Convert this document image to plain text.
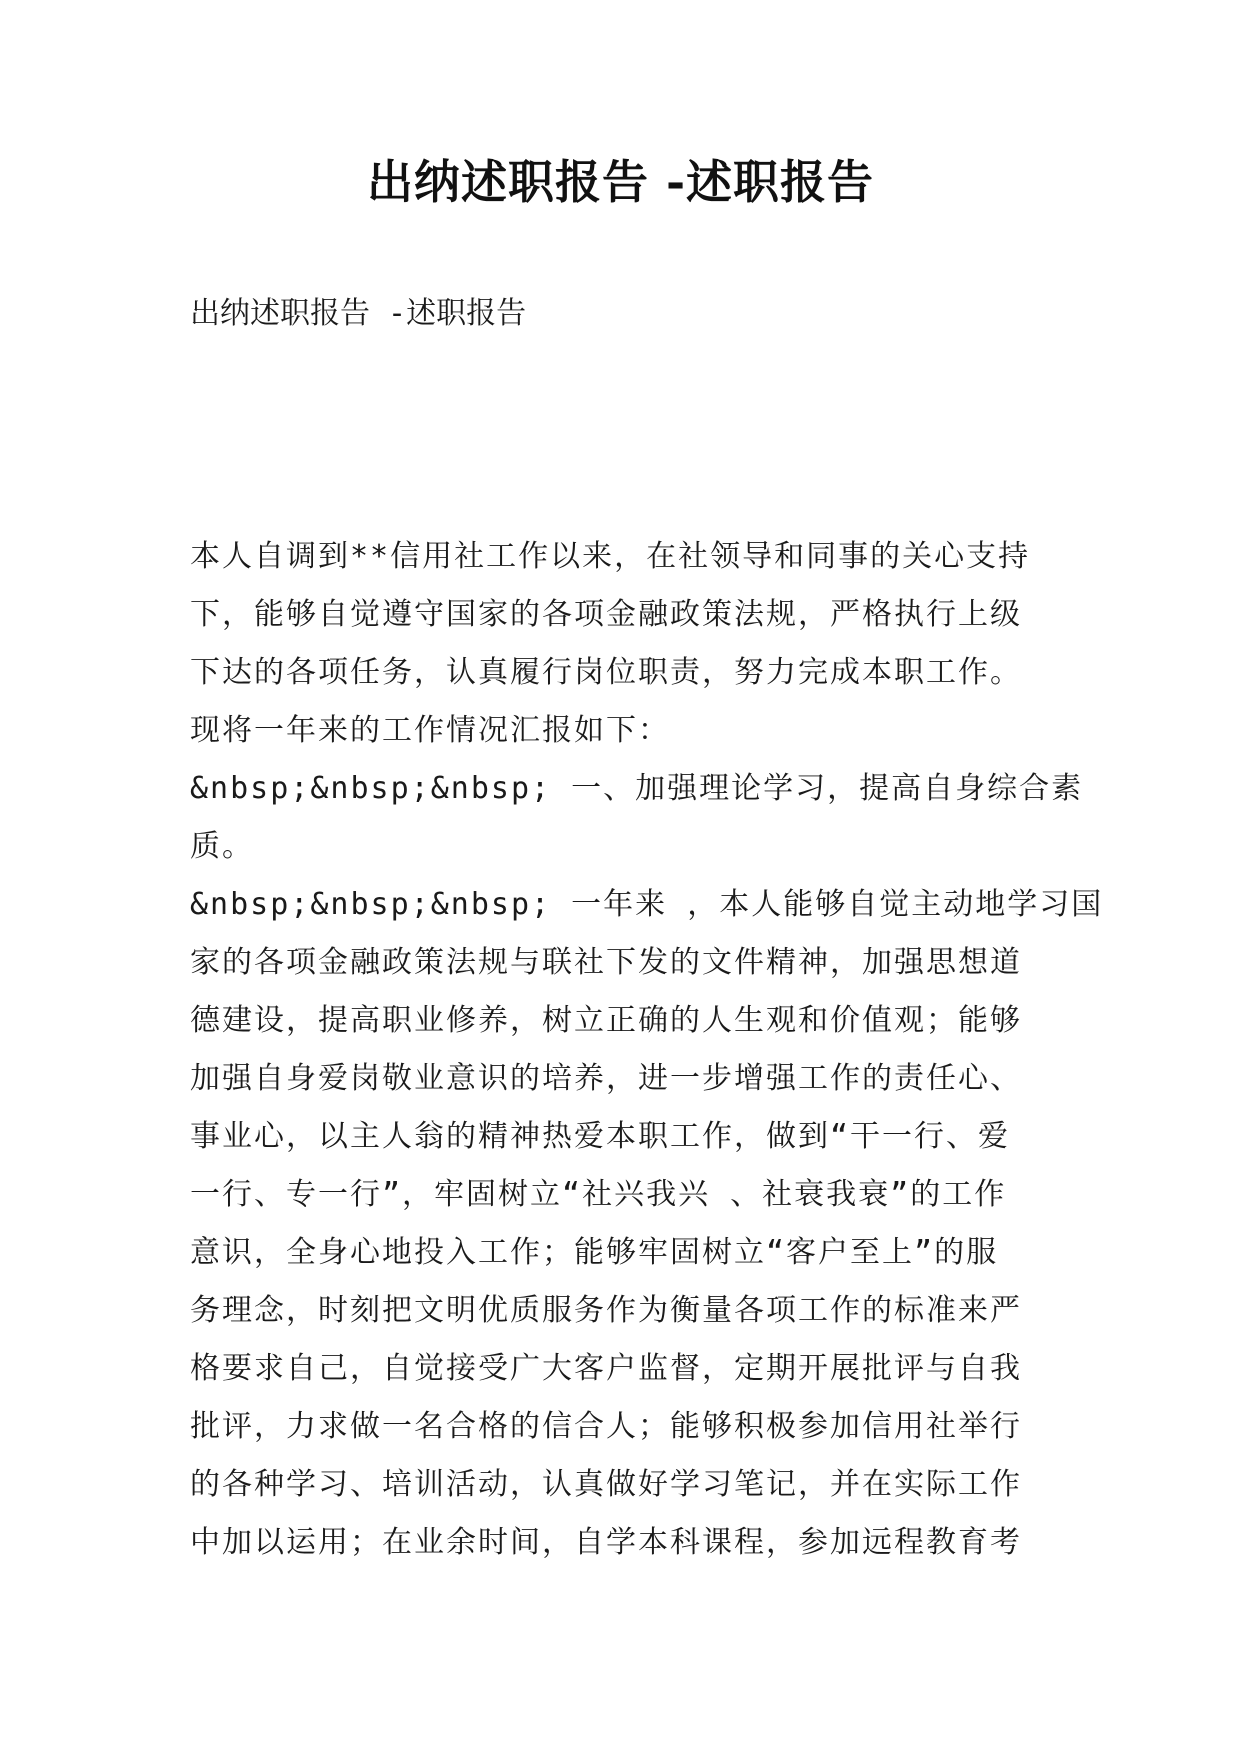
出纳述职报告 -述职报告
出纳述职报告 -述职报告
本人自调到**信用社工作以来，在社领导和同事的关心支持
下，能够自觉遵守国家的各项金融政策法规，严格执行上级
下达的各项任务，认真履行岗位职责，努力完成本职工作。
现将一年来的工作情况汇报如下：
&nbsp;&nbsp;&nbsp; 一、加强理论学习，提高自身综合素
质。
&nbsp;&nbsp;&nbsp; 一年来 ，本人能够自觉主动地学习国
家的各项金融政策法规与联社下发的文件精神，加强思想道
德建设，提高职业修养，树立正确的人生观和价值观；能够
加强自身爱岗敬业意识的培养，进一步增强工作的责任心、
事业心，以主人翁的精神热爱本职工作，做到“干一行、爱
一行、专一行”，牢固树立“社兴我兴 、社衰我衰”的工作
意识，全身心地投入工作；能够牢固树立“客户至上”的服
务理念，时刻把文明优质服务作为衡量各项工作的标准来严
格要求自己，自觉接受广大客户监督，定期开展批评与自我
批评，力求做一名合格的信合人；能够积极参加信用社举行
的各种学习、培训活动，认真做好学习笔记，并在实际工作
中加以运用；在业余时间，自学本科课程，参加远程教育考
